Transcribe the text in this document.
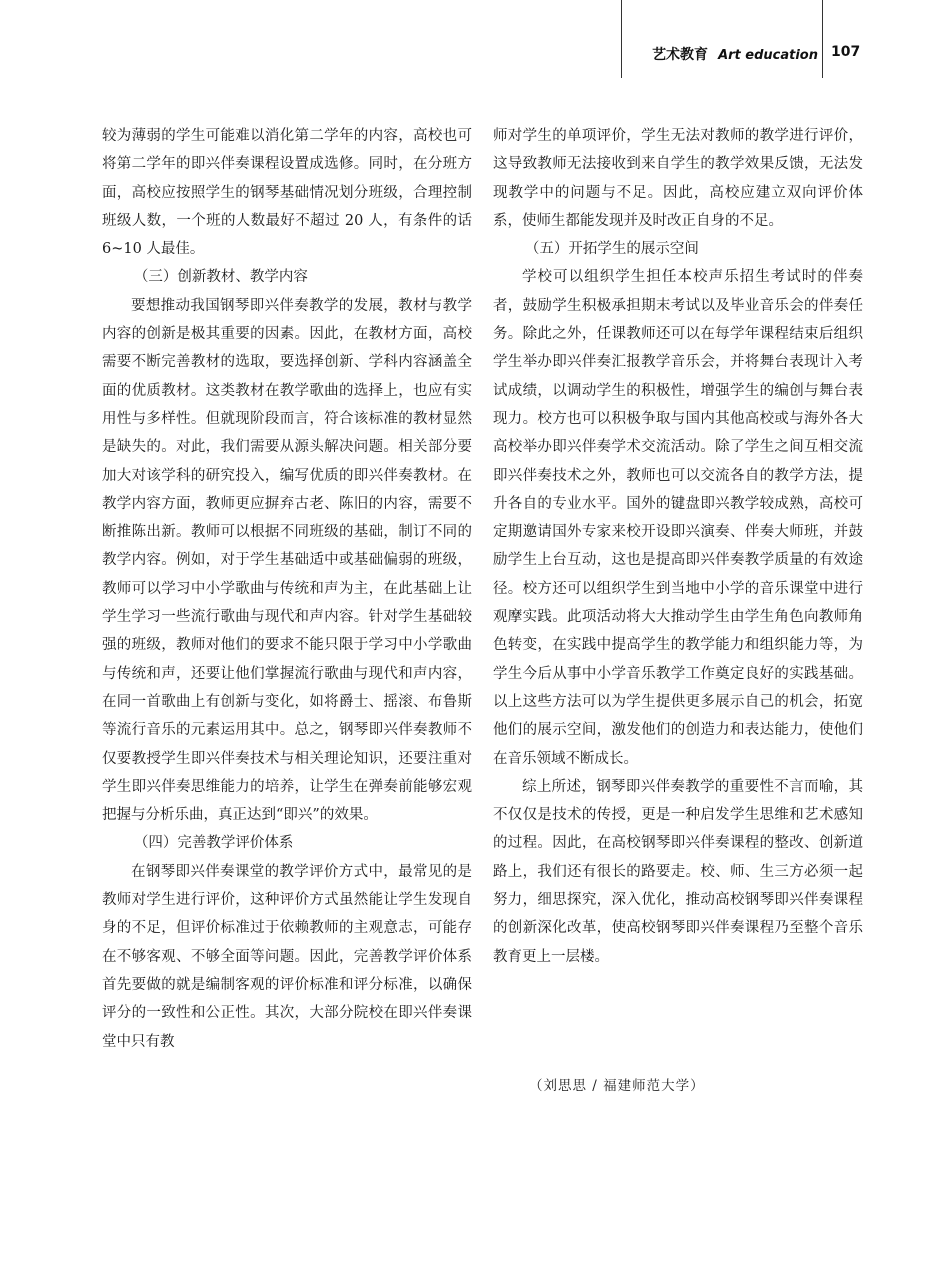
艺术教育 Art education 107

较为薄弱的学生可能难以消化第二学年的内容，高校也可将第二学年的即兴伴奏课程设置成选修。同时，在分班方面，高校应按照学生的钢琴基础情况划分班级，合理控制班级人数，一个班的人数最好不超过 20 人，有条件的话 6~10 人最佳。

（三）创新教材、教学内容

要想推动我国钢琴即兴伴奏教学的发展，教材与教学内容的创新是极其重要的因素。因此，在教材方面，高校需要不断完善教材的选取，要选择创新、学科内容涵盖全面的优质教材。这类教材在教学歌曲的选择上，也应有实用性与多样性。但就现阶段而言，符合该标准的教材显然是缺失的。对此，我们需要从源头解决问题。相关部分要加大对该学科的研究投入，编写优质的即兴伴奏教材。在教学内容方面，教师更应摒弃古老、陈旧的内容，需要不断推陈出新。教师可以根据不同班级的基础，制订不同的教学内容。例如，对于学生基础适中或基础偏弱的班级，教师可以学习中小学歌曲与传统和声为主，在此基础上让学生学习一些流行歌曲与现代和声内容。针对学生基础较强的班级，教师对他们的要求不能只限于学习中小学歌曲与传统和声，还要让他们掌握流行歌曲与现代和声内容，在同一首歌曲上有创新与变化，如将爵士、摇滚、布鲁斯等流行音乐的元素运用其中。总之，钢琴即兴伴奏教师不仅要教授学生即兴伴奏技术与相关理论知识，还要注重对学生即兴伴奏思维能力的培养，让学生在弹奏前能够宏观把握与分析乐曲，真正达到“即兴”的效果。

（四）完善教学评价体系

在钢琴即兴伴奏课堂的教学评价方式中，最常见的是教师对学生进行评价，这种评价方式虽然能让学生发现自身的不足，但评价标准过于依赖教师的主观意志，可能存在不够客观、不够全面等问题。因此，完善教学评价体系首先要做的就是编制客观的评价标准和评分标准，以确保评分的一致性和公正性。其次，大部分院校在即兴伴奏课堂中只有教

师对学生的单项评价，学生无法对教师的教学进行评价，这导致教师无法接收到来自学生的教学效果反馈，无法发现教学中的问题与不足。因此，高校应建立双向评价体系，使师生都能发现并及时改正自身的不足。

（五）开拓学生的展示空间

学校可以组织学生担任本校声乐招生考试时的伴奏者，鼓励学生积极承担期末考试以及毕业音乐会的伴奏任务。除此之外，任课教师还可以在每学年课程结束后组织学生举办即兴伴奏汇报教学音乐会，并将舞台表现计入考试成绩，以调动学生的积极性，增强学生的编创与舞台表现力。校方也可以积极争取与国内其他高校或与海外各大高校举办即兴伴奏学术交流活动。除了学生之间互相交流即兴伴奏技术之外，教师也可以交流各自的教学方法，提升各自的专业水平。国外的键盘即兴教学较成熟，高校可定期邀请国外专家来校开设即兴演奏、伴奏大师班，并鼓励学生上台互动，这也是提高即兴伴奏教学质量的有效途径。校方还可以组织学生到当地中小学的音乐课堂中进行观摩实践。此项活动将大大推动学生由学生角色向教师角色转变，在实践中提高学生的教学能力和组织能力等，为学生今后从事中小学音乐教学工作奠定良好的实践基础。以上这些方法可以为学生提供更多展示自己的机会，拓宽他们的展示空间，激发他们的创造力和表达能力，使他们在音乐领域不断成长。

综上所述，钢琴即兴伴奏教学的重要性不言而喻，其不仅仅是技术的传授，更是一种启发学生思维和艺术感知的过程。因此，在高校钢琴即兴伴奏课程的整改、创新道路上，我们还有很长的路要走。校、师、生三方必须一起努力，细思探究，深入优化，推动高校钢琴即兴伴奏课程的创新深化改革，使高校钢琴即兴伴奏课程乃至整个音乐教育更上一层楼。

（刘思思 / 福建师范大学）
